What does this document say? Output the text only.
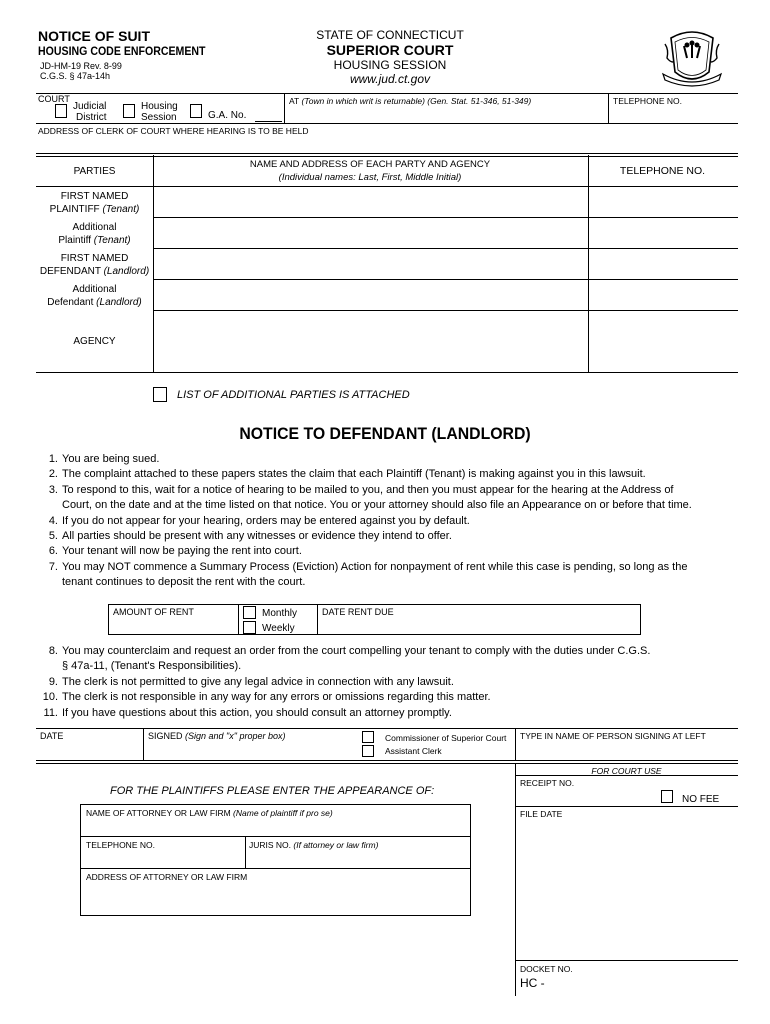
NOTICE OF SUIT
HOUSING CODE ENFORCEMENT
JD-HM-19 Rev. 8-99
C.G.S. § 47a-14h
STATE OF CONNECTICUT
SUPERIOR COURT
HOUSING SESSION
www.jud.ct.gov
COURT
Judicial
District
Housing
Session	G.A. No.
AT (Town in which writ is returnable) (Gen. Stat. 51-346, 51-349)	TELEPHONE NO.
ADDRESS OF CLERK OF COURT WHERE HEARING IS TO BE HELD
PARTIES
NAME AND ADDRESS OF EACH PARTY AND AGENCY
(Individual names: Last, First, Middle Initial)
TELEPHONE NO.
FIRST NAMED
PLAINTIFF (Tenant)
Additional
Plaintiff (Tenant)
FIRST NAMED
DEFENDANT (Landlord)
Additional
Defendant (Landlord)
AGENCY
LIST OF ADDITIONAL PARTIES IS ATTACHED
NOTICE TO DEFENDANT (LANDLORD)
1. You are being sued.
2. The complaint attached to these papers states the claim that each Plaintiff (Tenant) is making against you in this lawsuit.
3. To respond to this, wait for a notice of hearing to be mailed to you, and then you must appear for the hearing at the Address of
Court, on the date and at the time listed on that notice. You or your attorney should also file an Appearance on or before that time.
4. If you do not appear for your hearing, orders may be entered against you by default.
5. All parties should be present with any witnesses or evidence they intend to offer.
6. Your tenant will now be paying the rent into court.
7. You may NOT commence a Summary Process (Eviction) Action for nonpayment of rent while this case is pending, so long as the
tenant continues to deposit the rent with the court.
AMOUNT OF RENT	Monthly
Weekly
DATE RENT DUE
8. You may counterclaim and request an order from the court compelling your tenant to comply with the duties under C.G.S.
§ 47a-11, (Tenant's Responsibilities).
9. The clerk is not permitted to give any legal advice in connection with any lawsuit.
10. The clerk is not responsible in any way for any errors or omissions regarding this matter.
11. If you have questions about this action, you should consult an attorney promptly.
DATE	SIGNED (Sign and "x" proper box)	Commissioner of Superior Court
Assistant Clerk
TYPE IN NAME OF PERSON SIGNING AT LEFT
FOR THE PLAINTIFFS PLEASE ENTER THE APPEARANCE OF:
NAME OF ATTORNEY OR LAW FIRM (Name of plaintiff if pro se)
TELEPHONE NO.	JURIS NO. (If attorney or law firm)
ADDRESS OF ATTORNEY OR LAW FIRM
FOR COURT USE
RECEIPT NO.
NO FEE
FILE DATE
DOCKET NO.
HC -
